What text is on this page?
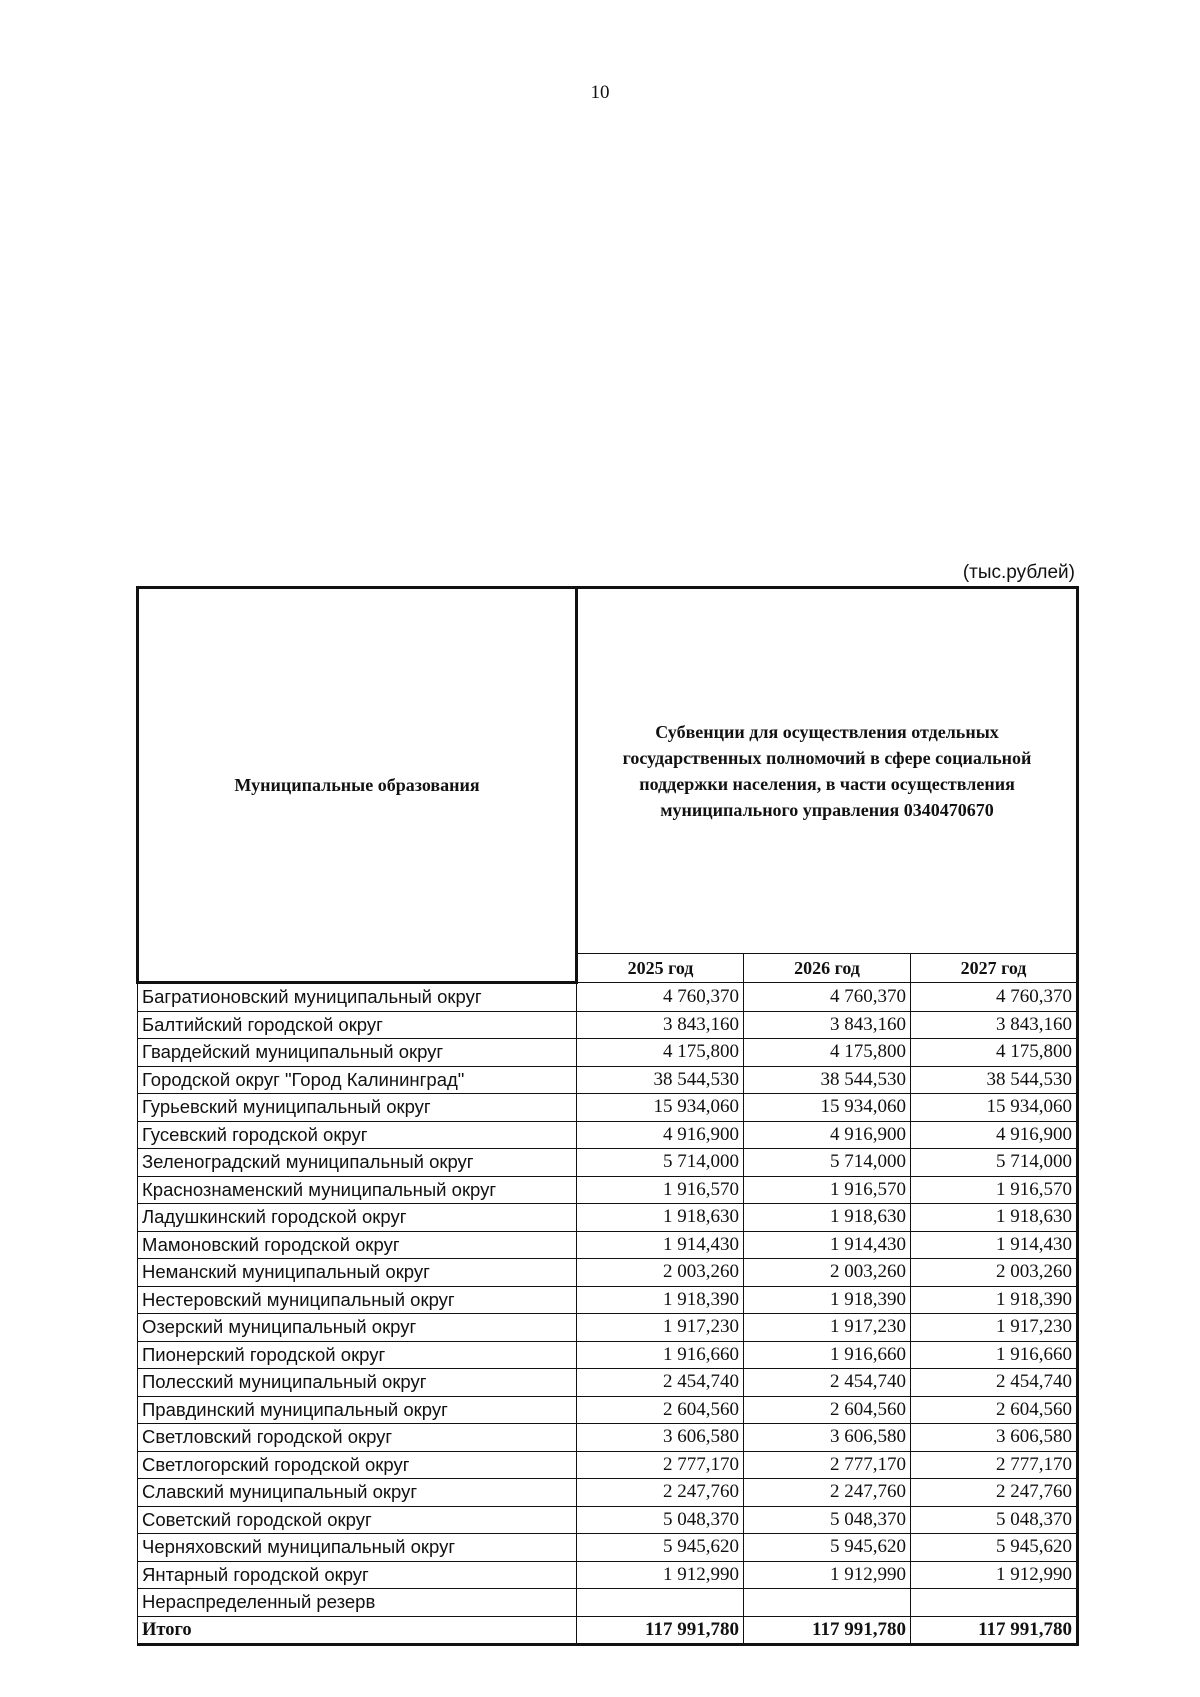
10
(тыс.рублей)
Муниципальные образования	Субвенции для осуществления отдельных государственных полномочий в сфере социальной поддержки населения, в части осуществления муниципального управления 0340470670		
	2025 год	2026 год	2027 год
Багратионовский муниципальный округ	4 760,370	4 760,370	4 760,370
Балтийский городской округ	3 843,160	3 843,160	3 843,160
Гвардейский муниципальный округ	4 175,800	4 175,800	4 175,800
Городской округ "Город Калининград"	38 544,530	38 544,530	38 544,530
Гурьевский муниципальный округ	15 934,060	15 934,060	15 934,060
Гусевский городской округ	4 916,900	4 916,900	4 916,900
Зеленоградский муниципальный округ	5 714,000	5 714,000	5 714,000
Краснознаменский муниципальный округ	1 916,570	1 916,570	1 916,570
Ладушкинский городской округ	1 918,630	1 918,630	1 918,630
Мамоновский городской округ	1 914,430	1 914,430	1 914,430
Неманский муниципальный округ	2 003,260	2 003,260	2 003,260
Нестеровский муниципальный округ	1 918,390	1 918,390	1 918,390
Озерский муниципальный округ	1 917,230	1 917,230	1 917,230
Пионерский городской округ	1 916,660	1 916,660	1 916,660
Полесский муниципальный округ	2 454,740	2 454,740	2 454,740
Правдинский муниципальный округ	2 604,560	2 604,560	2 604,560
Светловский городской округ	3 606,580	3 606,580	3 606,580
Светлогорский городской округ	2 777,170	2 777,170	2 777,170
Славский муниципальный округ	2 247,760	2 247,760	2 247,760
Советский городской округ	5 048,370	5 048,370	5 048,370
Черняховский муниципальный округ	5 945,620	5 945,620	5 945,620
Янтарный городской округ	1 912,990	1 912,990	1 912,990
Нераспределенный резерв			
Итого	117 991,780	117 991,780	117 991,780
